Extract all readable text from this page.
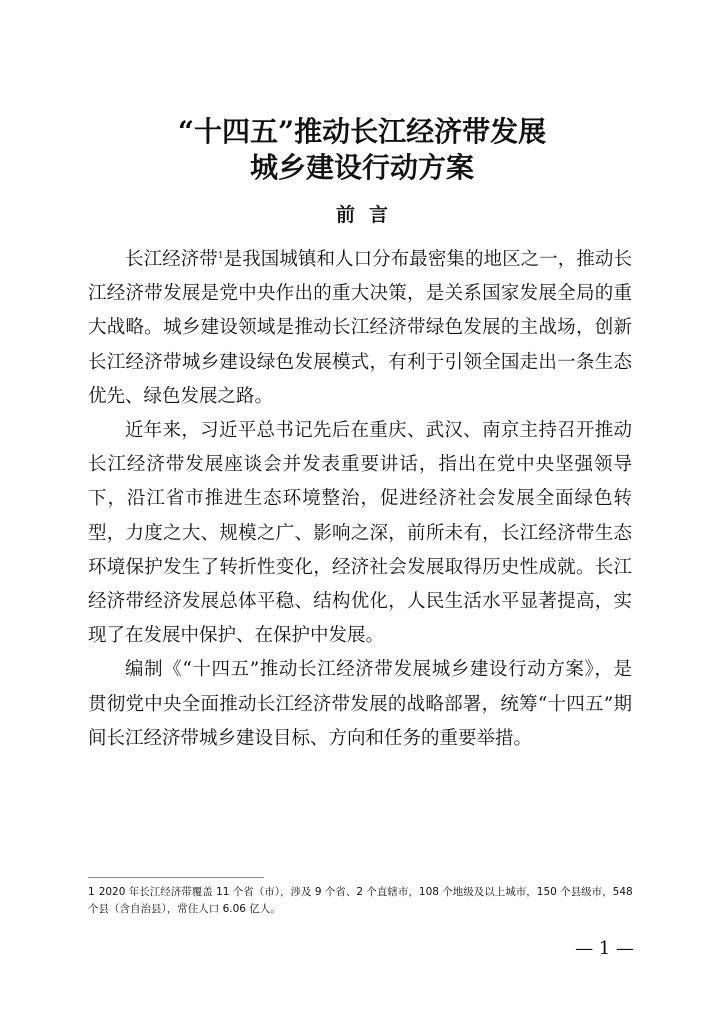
“十四五”推动长江经济带发展
城乡建设行动方案
前言

长江经济带$^1$是我国城镇和人口分布最密集的地区之一，推动长江经济带发展是党中央作出的重大决策，是关系国家发展全局的重大战略。城乡建设领域是推动长江经济带绿色发展的主战场，创新长江经济带城乡建设绿色发展模式，有利于引领全国走出一条生态优先、绿色发展之路。

近年来，习近平总书记先后在重庆、武汉、南京主持召开推动长江经济带发展座谈会并发表重要讲话，指出在党中央坚强领导下，沿江省市推进生态环境整治，促进经济社会发展全面绿色转型，力度之大、规模之广、影响之深，前所未有，长江经济带生态环境保护发生了转折性变化，经济社会发展取得历史性成就。长江经济带经济发展总体平稳、结构优化，人民生活水平显著提高，实现了在发展中保护、在保护中发展。

编制《“十四五”推动长江经济带发展城乡建设行动方案》，是贯彻党中央全面推动长江经济带发展的战略部署，统筹“十四五”期间长江经济带城乡建设目标、方向和任务的重要举措。

1 2020 年长江经济带覆盖 11 个省（市），涉及 9 个省、2 个直辖市，108 个地级及以上城市，150 个县级市，548 个县（含自治县），常住人口 6.06 亿人。
— 1 —
